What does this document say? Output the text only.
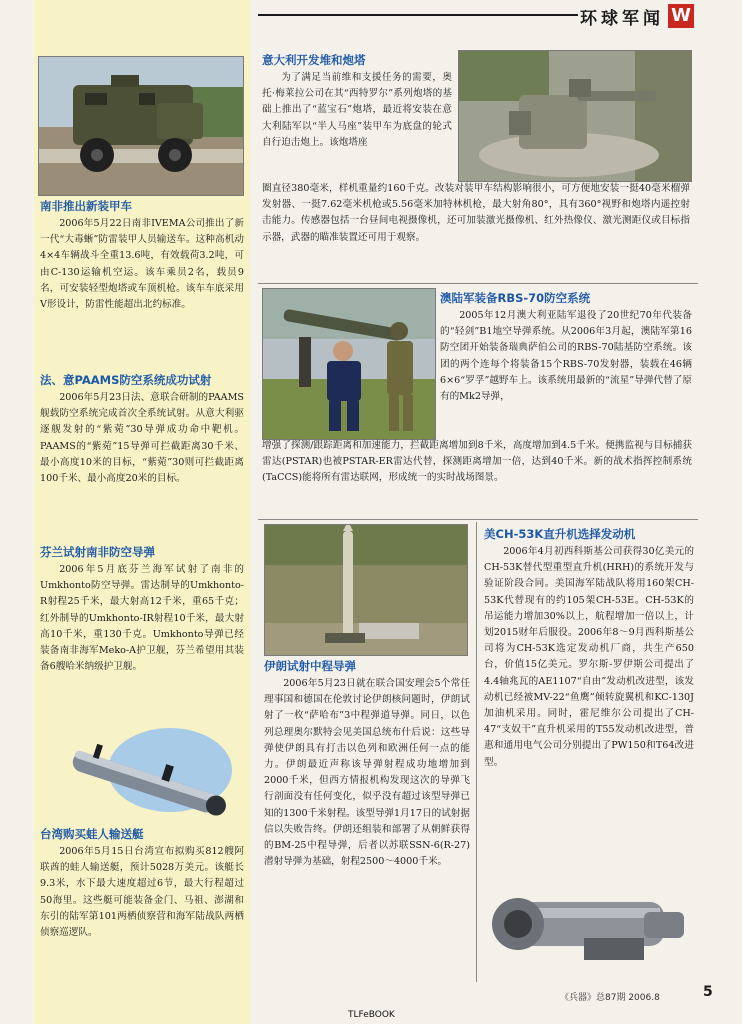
环球军闻 W

南非推出新装甲车

2006年5月22日南非IVEMA公司推出了新一代“大毒蜥”防雷装甲人员输送车。这种高机动4×4车辆战斗全重13.6吨，有效载荷3.2吨，可由C-130运输机空运。该车乘员2名，载员9名，可安装轻型炮塔或车顶机枪。该车车底采用V形设计，防雷性能超出北约标准。

法、意PAAMS防空系统成功试射

2006年5月23日法、意联合研制的PAAMS舰载防空系统完成首次全系统试射。从意大利驱逐舰发射的“紫菀”30导弹成功命中靶机。PAAMS的“紫菀”15导弹可拦截距离30千米、最小高度10米的目标，“紫菀”30则可拦截距离100千米、最小高度20米的目标。

芬兰试射南非防空导弹

2006年5月底芬兰海军试射了南非的Umkhonto防空导弹。雷达制导的Umkhonto-R射程25千米，最大射高12千米，重65千克；红外制导的Umkhonto-IR射程10千米，最大射高10千米，重130千克。Umkhonto导弹已经装备南非海军Meko-A护卫舰，芬兰希望用其装备6艘哈米纳级护卫舰。

台湾购买蛙人输送艇

2006年5月15日台湾宣布拟购买812艘阿联酋的蛙人输送艇，预计5028万美元。该艇长9.3米，水下最大速度超过6节，最大行程超过50海里。这些艇可能装备金门、马祖、澎湖和东引的陆军第101两栖侦察营和海军陆战队两栖侦察巡逻队。

意大利开发堆和炮塔

为了满足当前维和支援任务的需要，奥托·梅莱拉公司在其“西特罗尔”系列炮塔的基础上推出了“蓝宝石”炮塔，最近将安装在意大利陆军以“半人马座”装甲车为底盘的轮式自行迫击炮上。该炮塔座

圈直径380毫米，样机重量约160千克。改装对装甲车结构影响很小，可方便地安装一挺40毫米榴弹发射器、一挺7.62毫米机枪或5.56毫米加特林机枪，最大射角80°，具有360°视野和炮塔内遥控射击能力。传感器包括一台昼间电视摄像机，还可加装激光摄像机、红外热像仪、激光测距仪或目标指示器，武器的瞄准装置还可用于观察。

澳陆军装备RBS-70防空系统

2005年12月澳大利亚陆军退役了20世纪70年代装备的“轻剑”B1地空导弹系统。从2006年3月起，澳陆军第16防空团开始装备瑞典萨伯公司的RBS-70陆基防空系统。该团的两个连每个将装备15个RBS-70发射器，装载在46辆6×6“罗孚”越野车上。该系统用最新的“流星”导弹代替了原有的Mk2导弹，

增强了探测/跟踪距离和加速能力，拦截距离增加到8千米，高度增加到4.5千米。便携监视与目标捕获雷达(PSTAR)也被PSTAR-ER雷达代替，探测距离增加一倍，达到40千米。新的战术指挥控制系统(TaCCS)能将所有雷达联网，形成统一的实时战场图景。

伊朗试射中程导弹

2006年5月23日就在联合国安理会5个常任理事国和德国在伦敦讨论伊朗核问题时，伊朗试射了一枚“萨哈布”3中程弹道导弹。同日，以色列总理奥尔默特会见美国总统布什后说：这些导弹使伊朗具有打击以色列和欧洲任何一点的能力。伊朗最近声称该导弹射程成功地增加到2000千米，但西方情报机构发现这次的导弹飞行剖面没有任何变化，似乎没有超过该型导弹已知的1300千米射程。该型导弹1月17日的试射据信以失败告终。伊朗还组装和部署了从朝鲜获得的BM-25中程导弹，后者以苏联SSN-6(R-27)潜射导弹为基础，射程2500～4000千米。

美CH-53K直升机选择发动机

2006年4月初西科斯基公司获得30亿美元的CH-53K替代型重型直升机(HRH)的系统开发与验证阶段合同。美国海军陆战队将用160架CH-53K代替现有的约105架CH-53E。CH-53K的吊运能力增加30%以上，航程增加一倍以上，计划2015财年后服役。2006年8～9月西科斯基公司将为CH-53K选定发动机厂商，共生产650台，价值15亿美元。罗尔斯-罗伊斯公司提出了4.4轴兆瓦的AE1107“自由”发动机改进型，该发动机已经被MV-22“鱼鹰”倾转旋翼机和KC-130J加油机采用。同时，霍尼维尔公司提出了CH-47“支奴干”直升机采用的T55发动机改进型，普惠和通用电气公司分别提出了PW150和T64改进型。

《兵器》总87期 2006.8	5
TLFeBOOK
